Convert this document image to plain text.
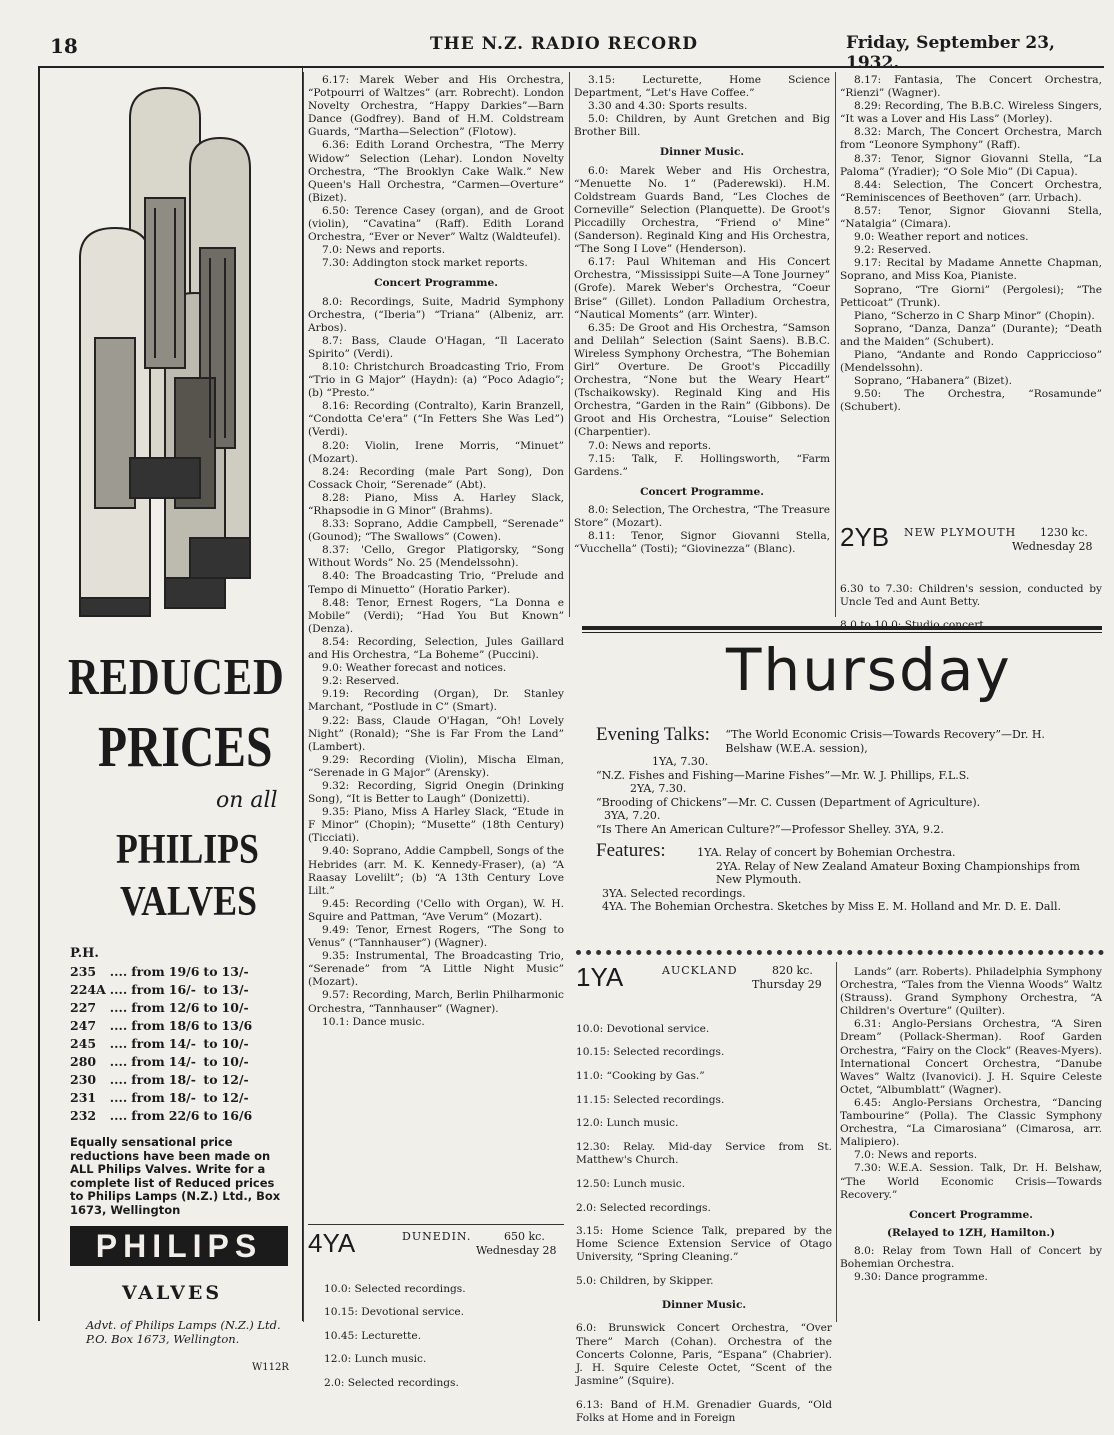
18	THE N.Z. RADIO RECORD	Friday, September 23, 1932.
REDUCED
PRICES
on all
PHILIPS
VALVES
P.H.
235	....	from	19/6	to	13/-
224A	....	from	16/-	to	13/-
227	....	from	12/6	to	10/-
247	....	from	18/6	to	13/6
245	....	from	14/-	to	10/-
280	....	from	14/-	to	10/-
230	....	from	18/-	to	12/-
231	....	from	18/-	to	12/-
232	....	from	22/6	to	16/6
Equally sensational price reductions have been made on ALL Philips Valves. Write for a complete list of Reduced prices to Philips Lamps (N.Z.) Ltd., Box 1673, Wellington
PHILIPS
VALVES
Advt. of Philips Lamps (N.Z.) Ltd.
P.O. Box 1673, Wellington.
W112R

6.17: Marek Weber and His Orchestra, “Potpourri of Waltzes” (arr. Robrecht). London Novelty Orchestra, “Happy Darkies”—Barn Dance (Godfrey). Band of H.M. Coldstream Guards, “Martha—Selection” (Flotow).

6.36: Edith Lorand Orchestra, “The Merry Widow” Selection (Lehar). London Novelty Orchestra, “The Brooklyn Cake Walk.” New Queen's Hall Orchestra, “Carmen—Overture” (Bizet).

6.50: Terence Casey (organ), and de Groot (violin), “Cavatina” (Raff). Edith Lorand Orchestra, “Ever or Never” Waltz (Waldteufel).

7.0: News and reports.

7.30: Addington stock market reports.

Concert Programme.

8.0: Recordings, Suite, Madrid Symphony Orchestra, (“Iberia”) “Triana” (Albeniz, arr. Arbos).

8.7: Bass, Claude O'Hagan, “Il Lacerato Spirito” (Verdi).

8.10: Christchurch Broadcasting Trio, From “Trio in G Major” (Haydn): (a) “Poco Adagio”; (b) “Presto.”

8.16: Recording (Contralto), Karin Branzell, “Condotta Ce'era” (“In Fetters She Was Led”) (Verdi).

8.20: Violin, Irene Morris, “Minuet” (Mozart).

8.24: Recording (male Part Song), Don Cossack Choir, “Serenade” (Abt).

8.28: Piano, Miss A. Harley Slack, “Rhapsodie in G Minor” (Brahms).

8.33: Soprano, Addie Campbell, “Serenade” (Gounod); “The Swallows” (Cowen).

8.37: 'Cello, Gregor Platigorsky, “Song Without Words” No. 25 (Mendelssohn).

8.40: The Broadcasting Trio, “Prelude and Tempo di Minuetto” (Horatio Parker).

8.48: Tenor, Ernest Rogers, “La Donna e Mobile” (Verdi); “Had You But Known” (Denza).

8.54: Recording, Selection, Jules Gaillard and His Orchestra, “La Boheme” (Puccini).

9.0: Weather forecast and notices.

9.2: Reserved.

9.19: Recording (Organ), Dr. Stanley Marchant, “Postlude in C” (Smart).

9.22: Bass, Claude O'Hagan, “Oh! Lovely Night” (Ronald); “She is Far From the Land” (Lambert).

9.29: Recording (Violin), Mischa Elman, “Serenade in G Major” (Arensky).

9.32: Recording, Sigrid Onegin (Drinking Song), “It is Better to Laugh” (Donizetti).

9.35: Piano, Miss A Harley Slack, “Etude in F Minor” (Chopin); “Musette” (18th Century) (Ticciati).

9.40: Soprano, Addie Campbell, Songs of the Hebrides (arr. M. K. Kennedy-Fraser), (a) “A Raasay Lovelilt”; (b) “A 13th Century Love Lilt.”

9.45: Recording ('Cello with Organ), W. H. Squire and Pattman, “Ave Verum” (Mozart).

9.49: Tenor, Ernest Rogers, “The Song to Venus” (“Tannhauser”) (Wagner).

9.35: Instrumental, The Broadcasting Trio, “Serenade” from “A Little Night Music” (Mozart).

9.57: Recording, March, Berlin Philharmonic Orchestra, “Tannhauser” (Wagner).

10.1: Dance music.

4YA	DUNEDIN.	650 kc.
Wednesday 28

10.0: Selected recordings.

10.15: Devotional service.

10.45: Lecturette.

12.0: Lunch music.

2.0: Selected recordings.

3.15: Lecturette, Home Science Department, “Let's Have Coffee.”

3.30 and 4.30: Sports results.

5.0: Children, by Aunt Gretchen and Big Brother Bill.

Dinner Music.

6.0: Marek Weber and His Orchestra, “Menuette No. 1” (Paderewski). H.M. Coldstream Guards Band, “Les Cloches de Corneville” Selection (Planquette). De Groot's Piccadilly Orchestra, “Friend o' Mine” (Sanderson). Reginald King and His Orchestra, “The Song I Love” (Henderson).

6.17: Paul Whiteman and His Concert Orchestra, “Mississippi Suite—A Tone Journey” (Grofe). Marek Weber's Orchestra, “Coeur Brise” (Gillet). London Palladium Orchestra, “Nautical Moments” (arr. Winter).

6.35: De Groot and His Orchestra, “Samson and Delilah” Selection (Saint Saens). B.B.C. Wireless Symphony Orchestra, “The Bohemian Girl” Overture. De Groot's Piccadilly Orchestra, “None but the Weary Heart” (Tschaikowsky). Reginald King and His Orchestra, “Garden in the Rain” (Gibbons). De Groot and His Orchestra, “Louise” Selection (Charpentier).

7.0: News and reports.

7.15: Talk, F. Hollingsworth, “Farm Gardens.”

Concert Programme.

8.0: Selection, The Orchestra, “The Treasure Store” (Mozart).

8.11: Tenor, Signor Giovanni Stella, “Vucchella” (Tosti); “Giovinezza” (Blanc).

8.17: Fantasia, The Concert Orchestra, “Rienzi” (Wagner).

8.29: Recording, The B.B.C. Wireless Singers, “It was a Lover and His Lass” (Morley).

8.32: March, The Concert Orchestra, March from “Leonore Symphony” (Raff).

8.37: Tenor, Signor Giovanni Stella, “La Paloma” (Yradier); “O Sole Mio” (Di Capua).

8.44: Selection, The Concert Orchestra, “Reminiscences of Beethoven” (arr. Urbach).

8.57: Tenor, Signor Giovanni Stella, “Natalgia” (Cimara).

9.0: Weather report and notices.

9.2: Reserved.

9.17: Recital by Madame Annette Chapman, Soprano, and Miss Koa, Pianiste.

Soprano, “Tre Giorni” (Pergolesi); “The Petticoat” (Trunk).

Piano, “Scherzo in C Sharp Minor” (Chopin).

Soprano, “Danza, Danza” (Durante); “Death and the Maiden” (Schubert).

Piano, “Andante and Rondo Cappriccioso” (Mendelssohn).

Soprano, “Habanera” (Bizet).

9.50: The Orchestra, “Rosamunde” (Schubert).

2YB NEW PLYMOUTH 1230 kc.
Wednesday 28

6.30 to 7.30: Children's session, conducted by Uncle Ted and Aunt Betty.

8.0 to 10.0: Studio concert.

Thursday
Evening Talks: “The World Economic Crisis—Towards Recovery”—Dr. H. Belshaw (W.E.A. session),
1YA, 7.30.
“N.Z. Fishes and Fishing—Marine Fishes”—Mr. W. J. Phillips, F.L.S.
2YA, 7.30.
“Brooding of Chickens”—Mr. C. Cussen (Department of Agriculture).
3YA, 7.20.
“Is There An American Culture?”—Professor Shelley. 3YA, 9.2.
Features:	1YA. Relay of concert by Bohemian Orchestra.
2YA. Relay of New Zealand Amateur Boxing Championships from New Plymouth.
3YA. Selected recordings.
4YA. The Bohemian Orchestra. Sketches by Miss E. M. Holland and Mr. D. E. Dall.
1YA	AUCKLAND	820 kc.
Thursday 29

10.0: Devotional service.

10.15: Selected recordings.

11.0: “Cooking by Gas.”

11.15: Selected recordings.

12.0: Lunch music.

12.30: Relay. Mid-day Service from St. Matthew's Church.

12.50: Lunch music.

2.0: Selected recordings.

3.15: Home Science Talk, prepared by the Home Science Extension Service of Otago University, “Spring Cleaning.”

5.0: Children, by Skipper.

Dinner Music.

6.0: Brunswick Concert Orchestra, “Over There” March (Cohan). Orchestra of the Concerts Colonne, Paris, “Espana” (Chabrier). J. H. Squire Celeste Octet, “Scent of the Jasmine” (Squire).

6.13: Band of H.M. Grenadier Guards, “Old Folks at Home and in Foreign

Lands” (arr. Roberts). Philadelphia Symphony Orchestra, “Tales from the Vienna Woods” Waltz (Strauss). Grand Symphony Orchestra, “A Children's Overture” (Quilter).

6.31: Anglo-Persians Orchestra, “A Siren Dream” (Pollack-Sherman). Roof Garden Orchestra, “Fairy on the Clock” (Reaves-Myers). International Concert Orchestra, “Danube Waves” Waltz (Ivanovici). J. H. Squire Celeste Octet, “Albumblatt” (Wagner).

6.45: Anglo-Persians Orchestra, “Dancing Tambourine” (Polla). The Classic Symphony Orchestra, “La Cimarosiana” (Cimarosa, arr. Malipiero).

7.0: News and reports.

7.30: W.E.A. Session. Talk, Dr. H. Belshaw, “The World Economic Crisis—Towards Recovery.”

Concert Programme.

(Relayed to 1ZH, Hamilton.)

8.0: Relay from Town Hall of Concert by Bohemian Orchestra.

9.30: Dance programme.
